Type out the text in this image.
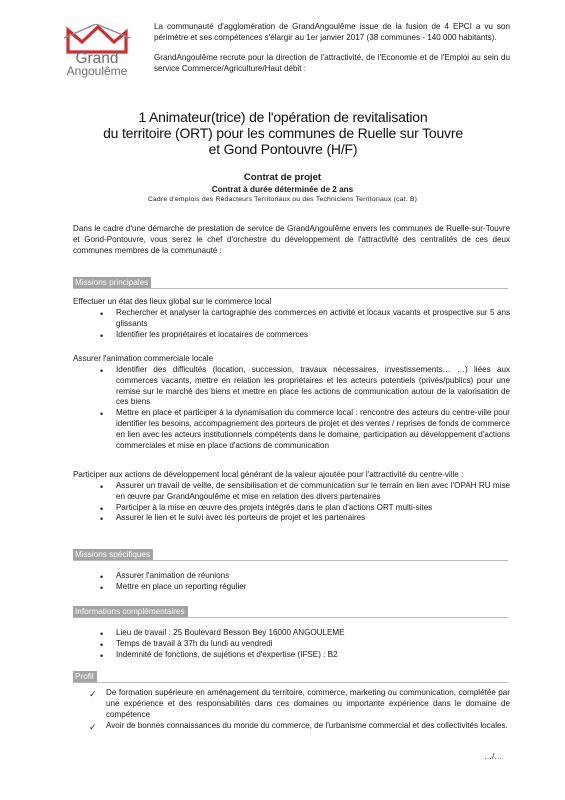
Grand
Angoulême

La communauté d'agglomération de GrandAngoulême issue de la fusion de 4 EPCI a vu son périmètre et ses compétences s'élargir au 1er janvier 2017 (38 communes - 140 000 habitants).

GrandAngoulême recrute pour la direction de l'attractivité, de l'Economie et de l'Emploi au sein du service Commerce/Agriculture/Haut débit :

1 Animateur(trice) de l'opération de revitalisation
du territoire (ORT) pour les communes de Ruelle sur Touvre
et Gond Pontouvre (H/F)
Contrat de projet
Contrat à durée déterminée de 2 ans
Cadre d'emplois des Rédacteurs Territoriaux ou des Techniciens Territoriaux (cat. B)
Dans le cadre d'une démarche de prestation de service de GrandAngoulême envers les communes de Ruelle-sur-Touvre et Gond-Pontouvre, vous serez le chef d'orchestre du développement de l'attractivité des centralités de ces deux communes membres de la communauté :
Missions principales
Effectuer un état des lieux global sur le commerce local
• Rechercher et analyser la cartographie des commerces en activité et locaux vacants et prospective sur 5 ans glissants
• Identifier les propriétaires et locataires de commerces
Assurer l'animation commerciale locale
• Identifier des difficultés (location, succession, travaux nécessaires, investissements… …) liées aux commerces vacants, mettre en relation les propriétaires et les acteurs potentiels (privés/publics) pour une remise sur le marché des biens et mettre en place les actions de communication autour de la valorisation de ces biens
• Mettre en place et participer à la dynamisation du commerce local : rencontre des acteurs du centre-ville pour identifier les besoins, accompagnement des porteurs de projet et des ventes / reprises de fonds de commerce en lien avec les acteurs institutionnels compétents dans le domaine, participation au développement d'actions commerciales et mise en place d'actions de communication
Participer aux actions de développement local générant de la valeur ajoutée pour l'attractivité du centre-ville :
• Assurer un travail de veille, de sensibilisation et de communication sur le terrain en lien avec l'OPAH RU mise en œuvre par GrandAngoulême et mise en relation des divers partenaires
• Participer à la mise en œuvre des projets intégrés dans le plan d'actions ORT multi-sites
• Assurer le lien et le suivi avec les porteurs de projet et les partenaires
Missions spécifiques
• Assurer l'animation de réunions
• Mettre en place un reporting régulier
Informations complémentaires
• Lieu de travail : 25 Boulevard Besson Bey 16000 ANGOULEME
• Temps de travail à 37h du lundi au vendredi
• Indemnité de fonctions, de sujétions et d'expertise (IFSE) : B2
Profil
✓ De formation supérieure en aménagement du territoire, commerce, marketing ou communication, complétée par une expérience et des responsabilités dans ces domaines ou importante expérience dans le domaine de compétence
✓ Avoir de bonnes connaissances du monde du commerce, de l'urbanisme commercial et des collectivités locales.
…/…
